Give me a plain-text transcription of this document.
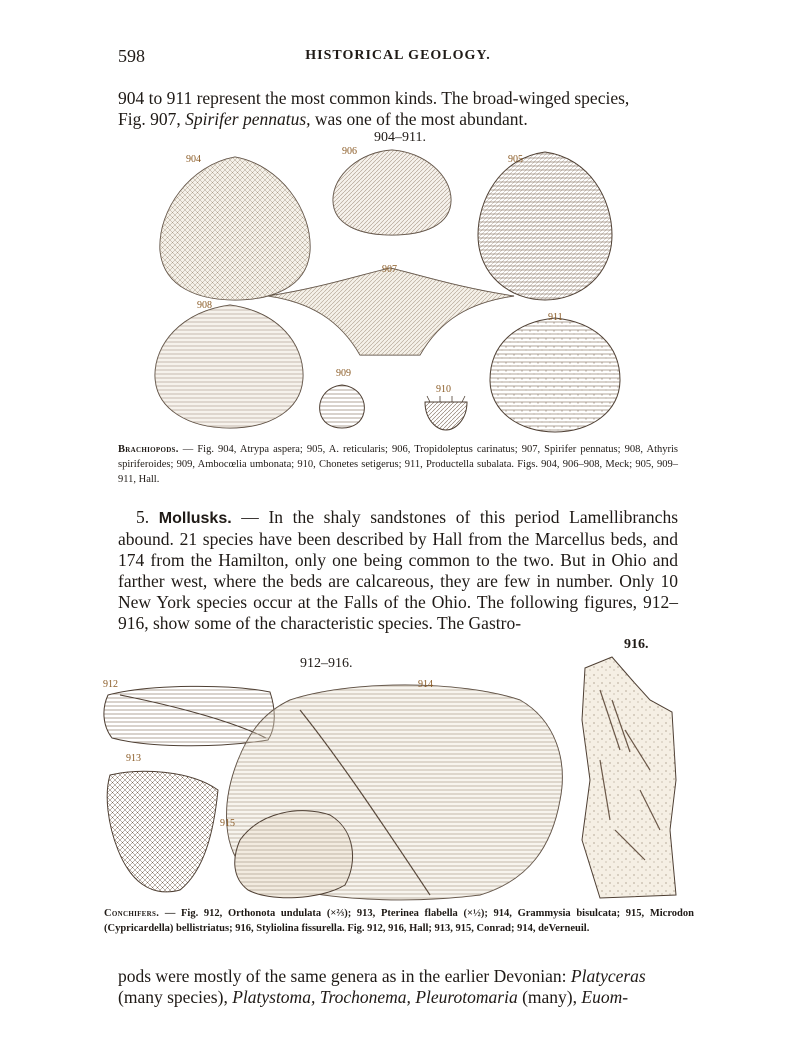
598	HISTORICAL GEOLOGY.
904 to 911 represent the most common kinds. The broad-winged species,
Fig. 907, Spirifer pennatus, was one of the most abundant.
904–911.
904
906
905
907
908
911
909
910
Brachiopods. — Fig. 904, Atrypa aspera; 905, A. reticularis; 906, Tropidoleptus carinatus; 907, Spirifer pennatus; 908, Athyris spiriferoides; 909, Ambocœlia umbonata; 910, Chonetes setigerus; 911, Productella subalata. Figs. 904, 906–908, Meck; 905, 909–911, Hall.
5. Mollusks. — In the shaly sandstones of this period Lamellibranchs abound. 21 species have been described by Hall from the Marcellus beds, and 174 from the Hamilton, only one being common to the two. But in Ohio and farther west, where the beds are calcareous, they are few in number. Only 10 New York species occur at the Falls of the Ohio. The following figures, 912–916, show some of the characteristic species. The Gastro-
912–916.
916.
912	914
913
915
Conchifers. — Fig. 912, Orthonota undulata (×⅔); 913, Pterinea flabella (×½); 914, Grammysia bisulcata; 915, Microdon (Cypricardella) bellistriatus; 916, Styliolina fissurella. Fig. 912, 916, Hall; 913, 915, Conrad; 914, deVerneuil.
pods were mostly of the same genera as in the earlier Devonian: Platyceras
(many species), Platystoma, Trochonema, Pleurotomaria (many), Euom-
